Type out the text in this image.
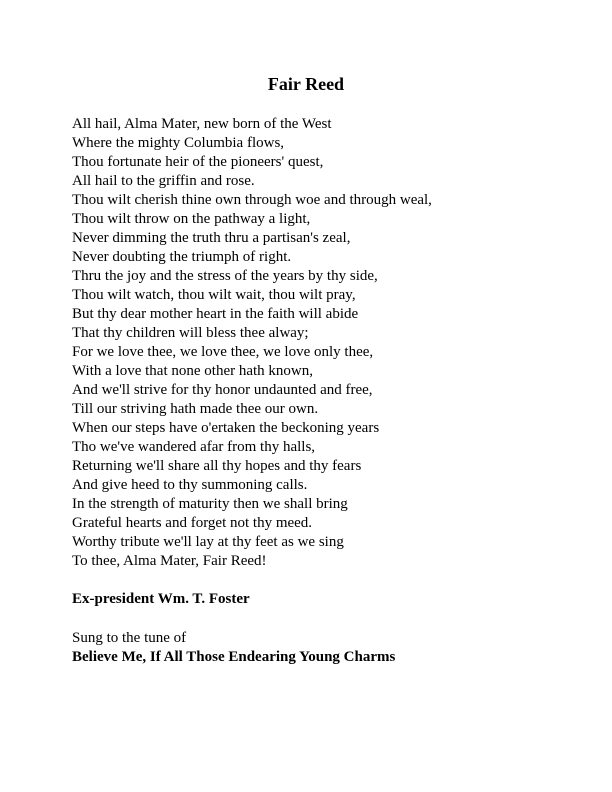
Fair Reed
All hail, Alma Mater, new born of the West
Where the mighty Columbia flows,
Thou fortunate heir of the pioneers' quest,
All hail to the griffin and rose.
Thou wilt cherish thine own through woe and through weal,
Thou wilt throw on the pathway a light,
Never dimming the truth thru a partisan's zeal,
Never doubting the triumph of right.
Thru the joy and the stress of the years by thy side,
Thou wilt watch, thou wilt wait, thou wilt pray,
But thy dear mother heart in the faith will abide
That thy children will bless thee alway;
For we love thee, we love thee, we love only thee,
With a love that none other hath known,
And we'll strive for thy honor undaunted and free,
Till our striving hath made thee our own.
When our steps have o'ertaken the beckoning years
Tho we've wandered afar from thy halls,
Returning we'll share all thy hopes and thy fears
And give heed to thy summoning calls.
In the strength of maturity then we shall bring
Grateful hearts and forget not thy meed.
Worthy tribute we'll lay at thy feet as we sing
To thee, Alma Mater, Fair Reed!
Ex-president Wm. T. Foster
Sung to the tune of
Believe Me, If All Those Endearing Young Charms
